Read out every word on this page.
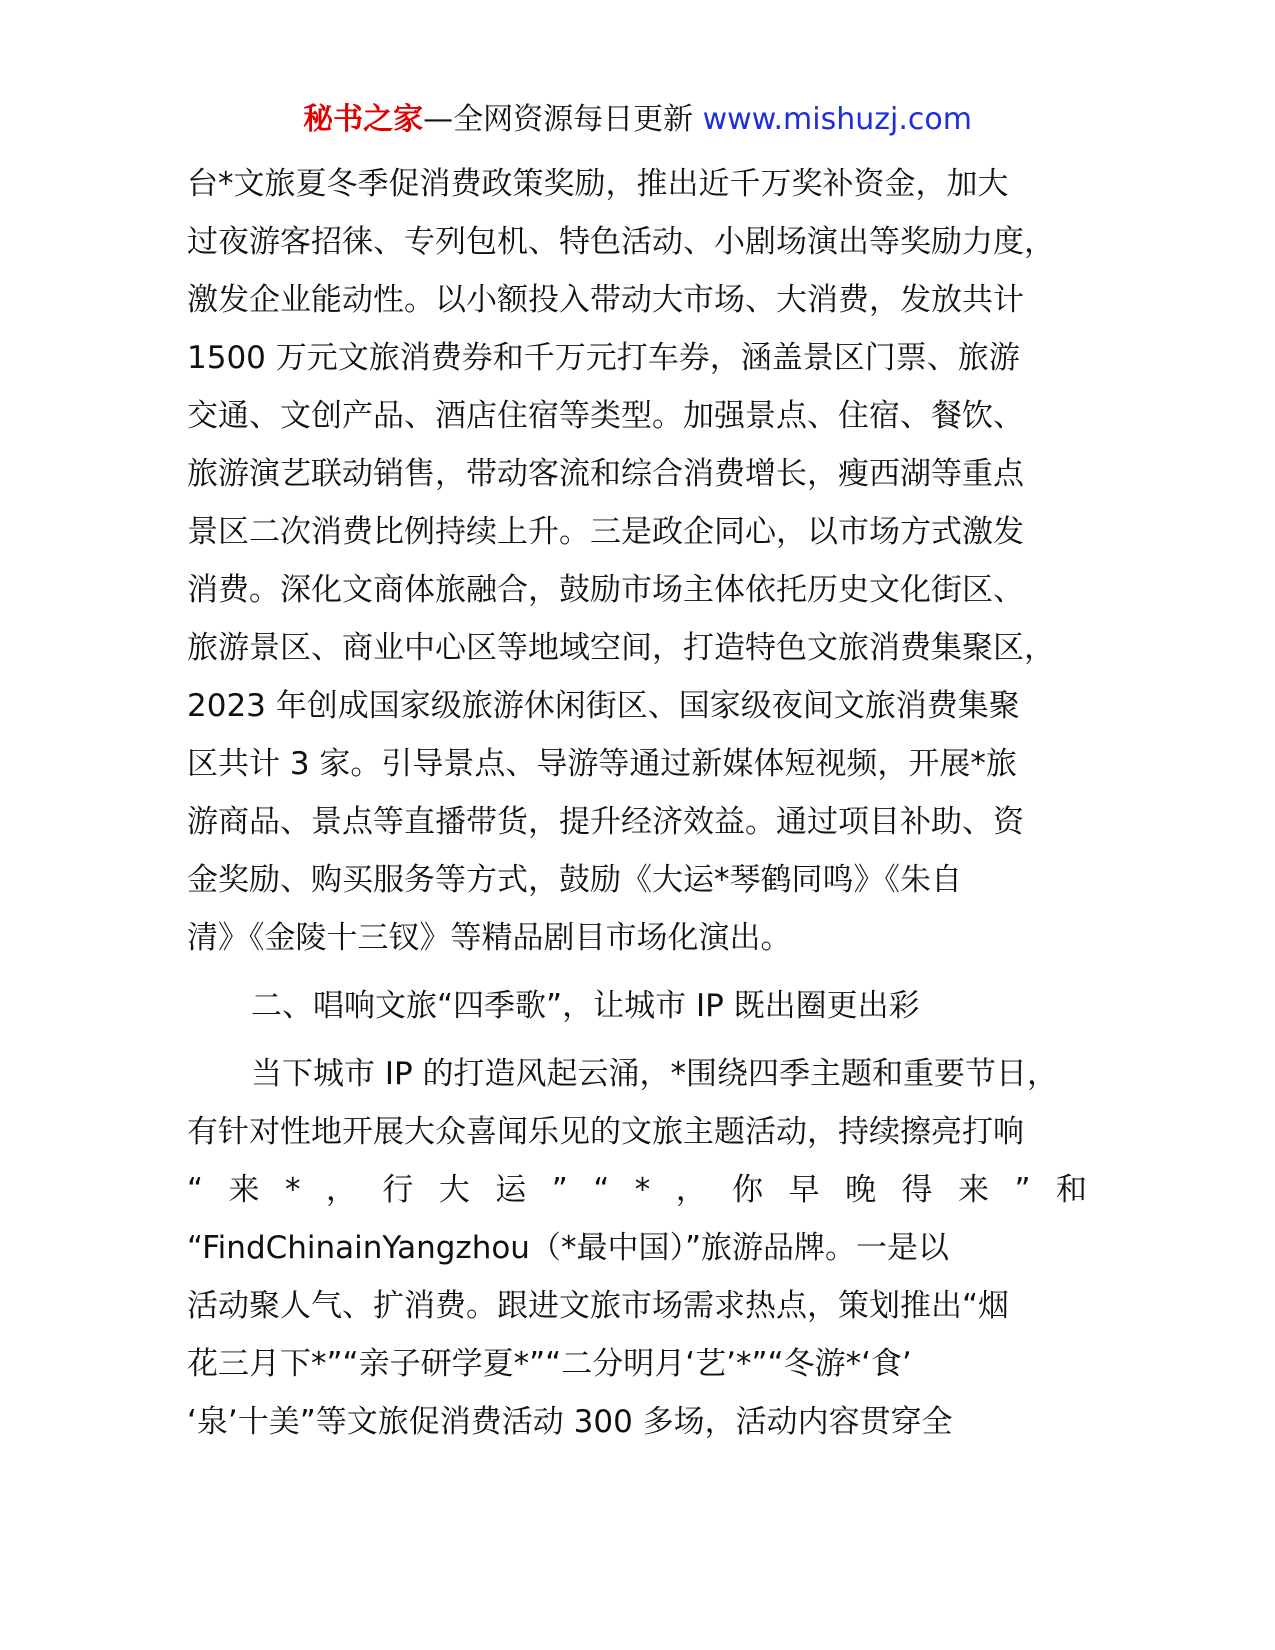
秘书之家—全网资源每日更新 www.mishuzj.com
台*文旅夏冬季促消费政策奖励，推出近千万奖补资金，加大
过夜游客招徕、专列包机、特色活动、小剧场演出等奖励力度，
激发企业能动性。以小额投入带动大市场、大消费，发放共计
1500 万元文旅消费券和千万元打车券，涵盖景区门票、旅游
交通、文创产品、酒店住宿等类型。加强景点、住宿、餐饮、
旅游演艺联动销售，带动客流和综合消费增长，瘦西湖等重点
景区二次消费比例持续上升。三是政企同心，以市场方式激发
消费。深化文商体旅融合，鼓励市场主体依托历史文化街区、
旅游景区、商业中心区等地域空间，打造特色文旅消费集聚区，
2023 年创成国家级旅游休闲街区、国家级夜间文旅消费集聚
区共计 3 家。引导景点、导游等通过新媒体短视频，开展*旅
游商品、景点等直播带货，提升经济效益。通过项目补助、资
金奖励、购买服务等方式，鼓励《大运*琴鹤同鸣》《朱自
清》《金陵十三钗》等精品剧目市场化演出。
二、唱响文旅“四季歌”，让城市 IP 既出圈更出彩
当下城市 IP 的打造风起云涌，*围绕四季主题和重要节日，
有针对性地开展大众喜闻乐见的文旅主题活动，持续擦亮打响
“ 来 * ， 行 大 运 ” “ * ， 你 早 晚 得 来 ” 和
“FindChinainYangzhou（*最中国）”旅游品牌。一是以
活动聚人气、扩消费。跟进文旅市场需求热点，策划推出“烟
花三月下*”“亲子研学夏*”“二分明月‘艺’*”“冬游*‘食’
‘泉’十美”等文旅促消费活动 300 多场，活动内容贯穿全
